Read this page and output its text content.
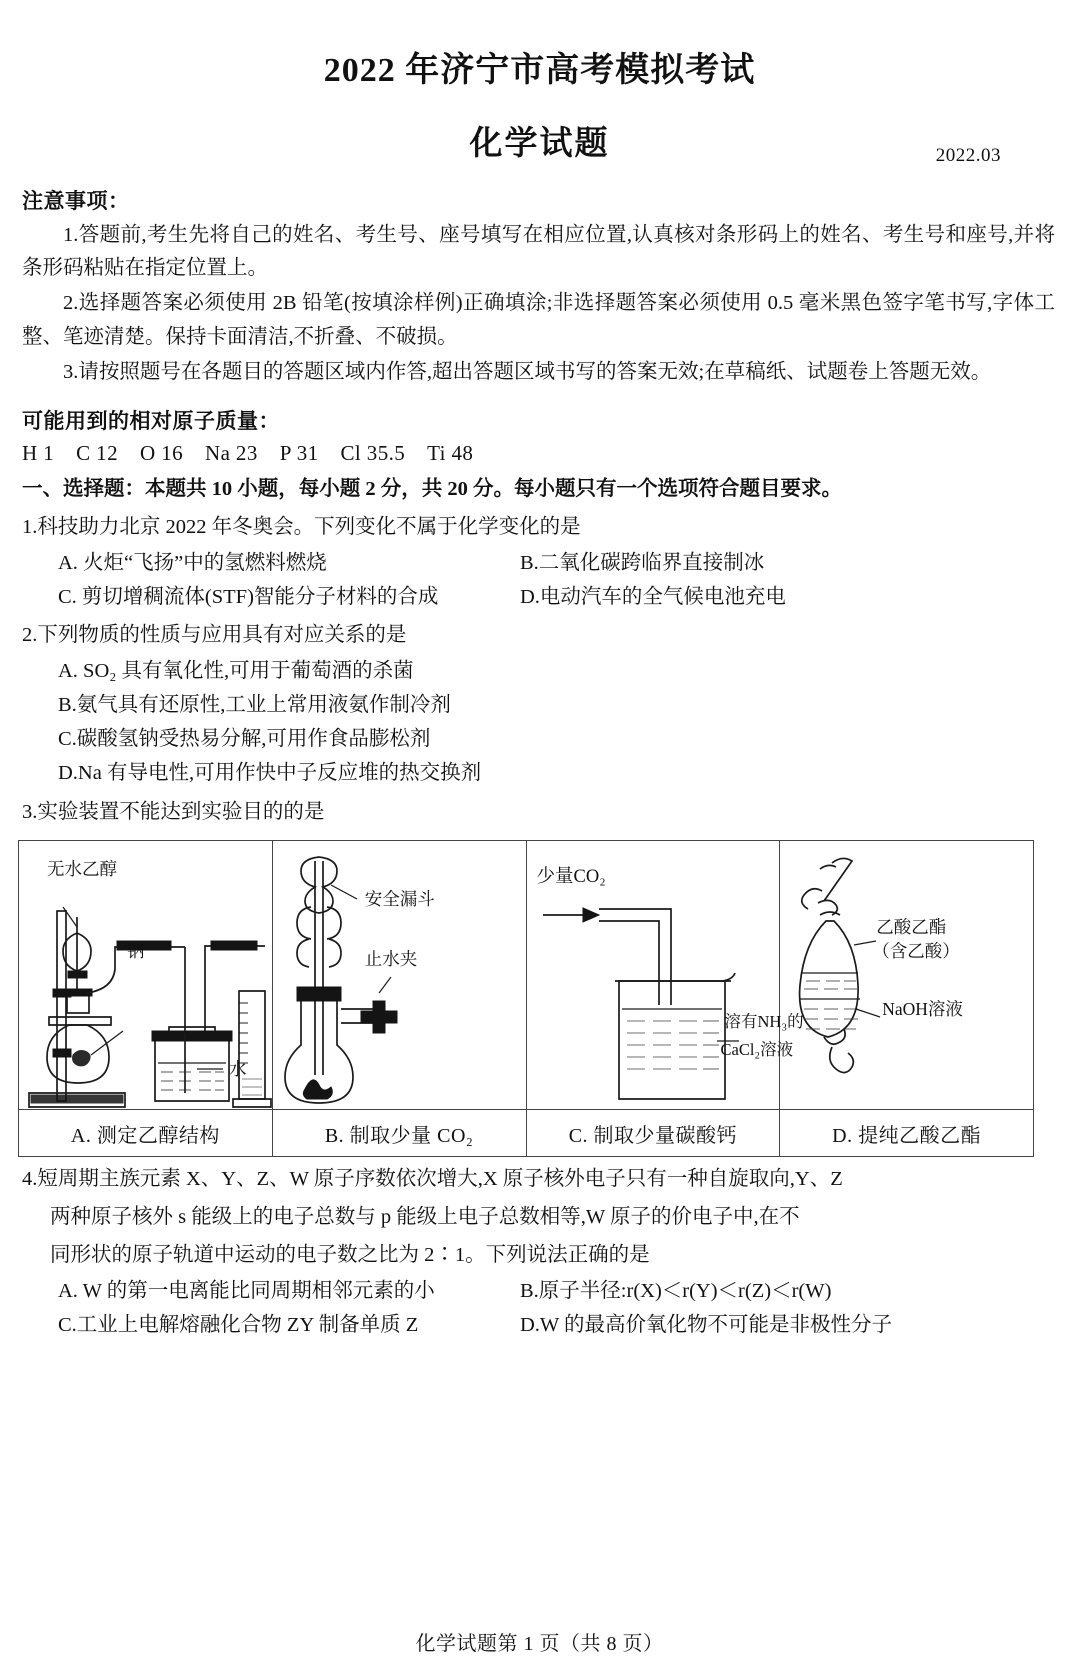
2022 年济宁市高考模拟考试
化学试题	2022.03
注意事项：

1.答题前,考生先将自己的姓名、考生号、座号填写在相应位置,认真核对条形码上的姓名、考生号和座号,并将条形码粘贴在指定位置上。

2.选择题答案必须使用 2B 铅笔(按填涂样例)正确填涂;非选择题答案必须使用 0.5 毫米黑色签字笔书写,字体工整、笔迹清楚。保持卡面清洁,不折叠、不破损。

3.请按照题号在各题目的答题区域内作答,超出答题区域书写的答案无效;在草稿纸、试题卷上答题无效。

可能用到的相对原子质量：
H 1 C 12 O 16 Na 23 P 31 Cl 35.5 Ti 48
一、选择题：本题共 10 小题，每小题 2 分，共 20 分。每小题只有一个选项符合题目要求。
1.科技助力北京 2022 年冬奥会。下列变化不属于化学变化的是
A. 火炬“飞扬”中的氢燃料燃烧	B.二氧化碳跨临界直接制冰
C. 剪切增稠流体(STF)智能分子材料的合成	D.电动汽车的全气候电池充电
2.下列物质的性质与应用具有对应关系的是
A. SO₂ 具有氧化性,可用于葡萄酒的杀菌
B.氨气具有还原性,工业上常用液氨作制冷剂
C.碳酸氢钠受热易分解,可用作食品膨松剂
D.Na 有导电性,可用作快中子反应堆的热交换剂
3.实验装置不能达到实验目的的是
无水乙醇
钠
水

安全漏斗
止水夹

少量CO₂
溶有NH₃的
CaCl₂溶液

乙酸乙酯
（含乙酸）
NaOH溶液

A. 测定乙醇结构	B. 制取少量 CO₂	C. 制取少量碳酸钙	D. 提纯乙酸乙酯
4.短周期主族元素 X、Y、Z、W 原子序数依次增大,X 原子核外电子只有一种自旋取向,Y、Z
两种原子核外 s 能级上的电子总数与 p 能级上电子总数相等,W 原子的价电子中,在不
同形状的原子轨道中运动的电子数之比为 2∶1。下列说法正确的是
A. W 的第一电离能比同周期相邻元素的小	B.原子半径:r(X)＜r(Y)＜r(Z)＜r(W)
C.工业上电解熔融化合物 ZY 制备单质 Z	D.W 的最高价氧化物不可能是非极性分子
化学试题第 1 页（共 8 页）
